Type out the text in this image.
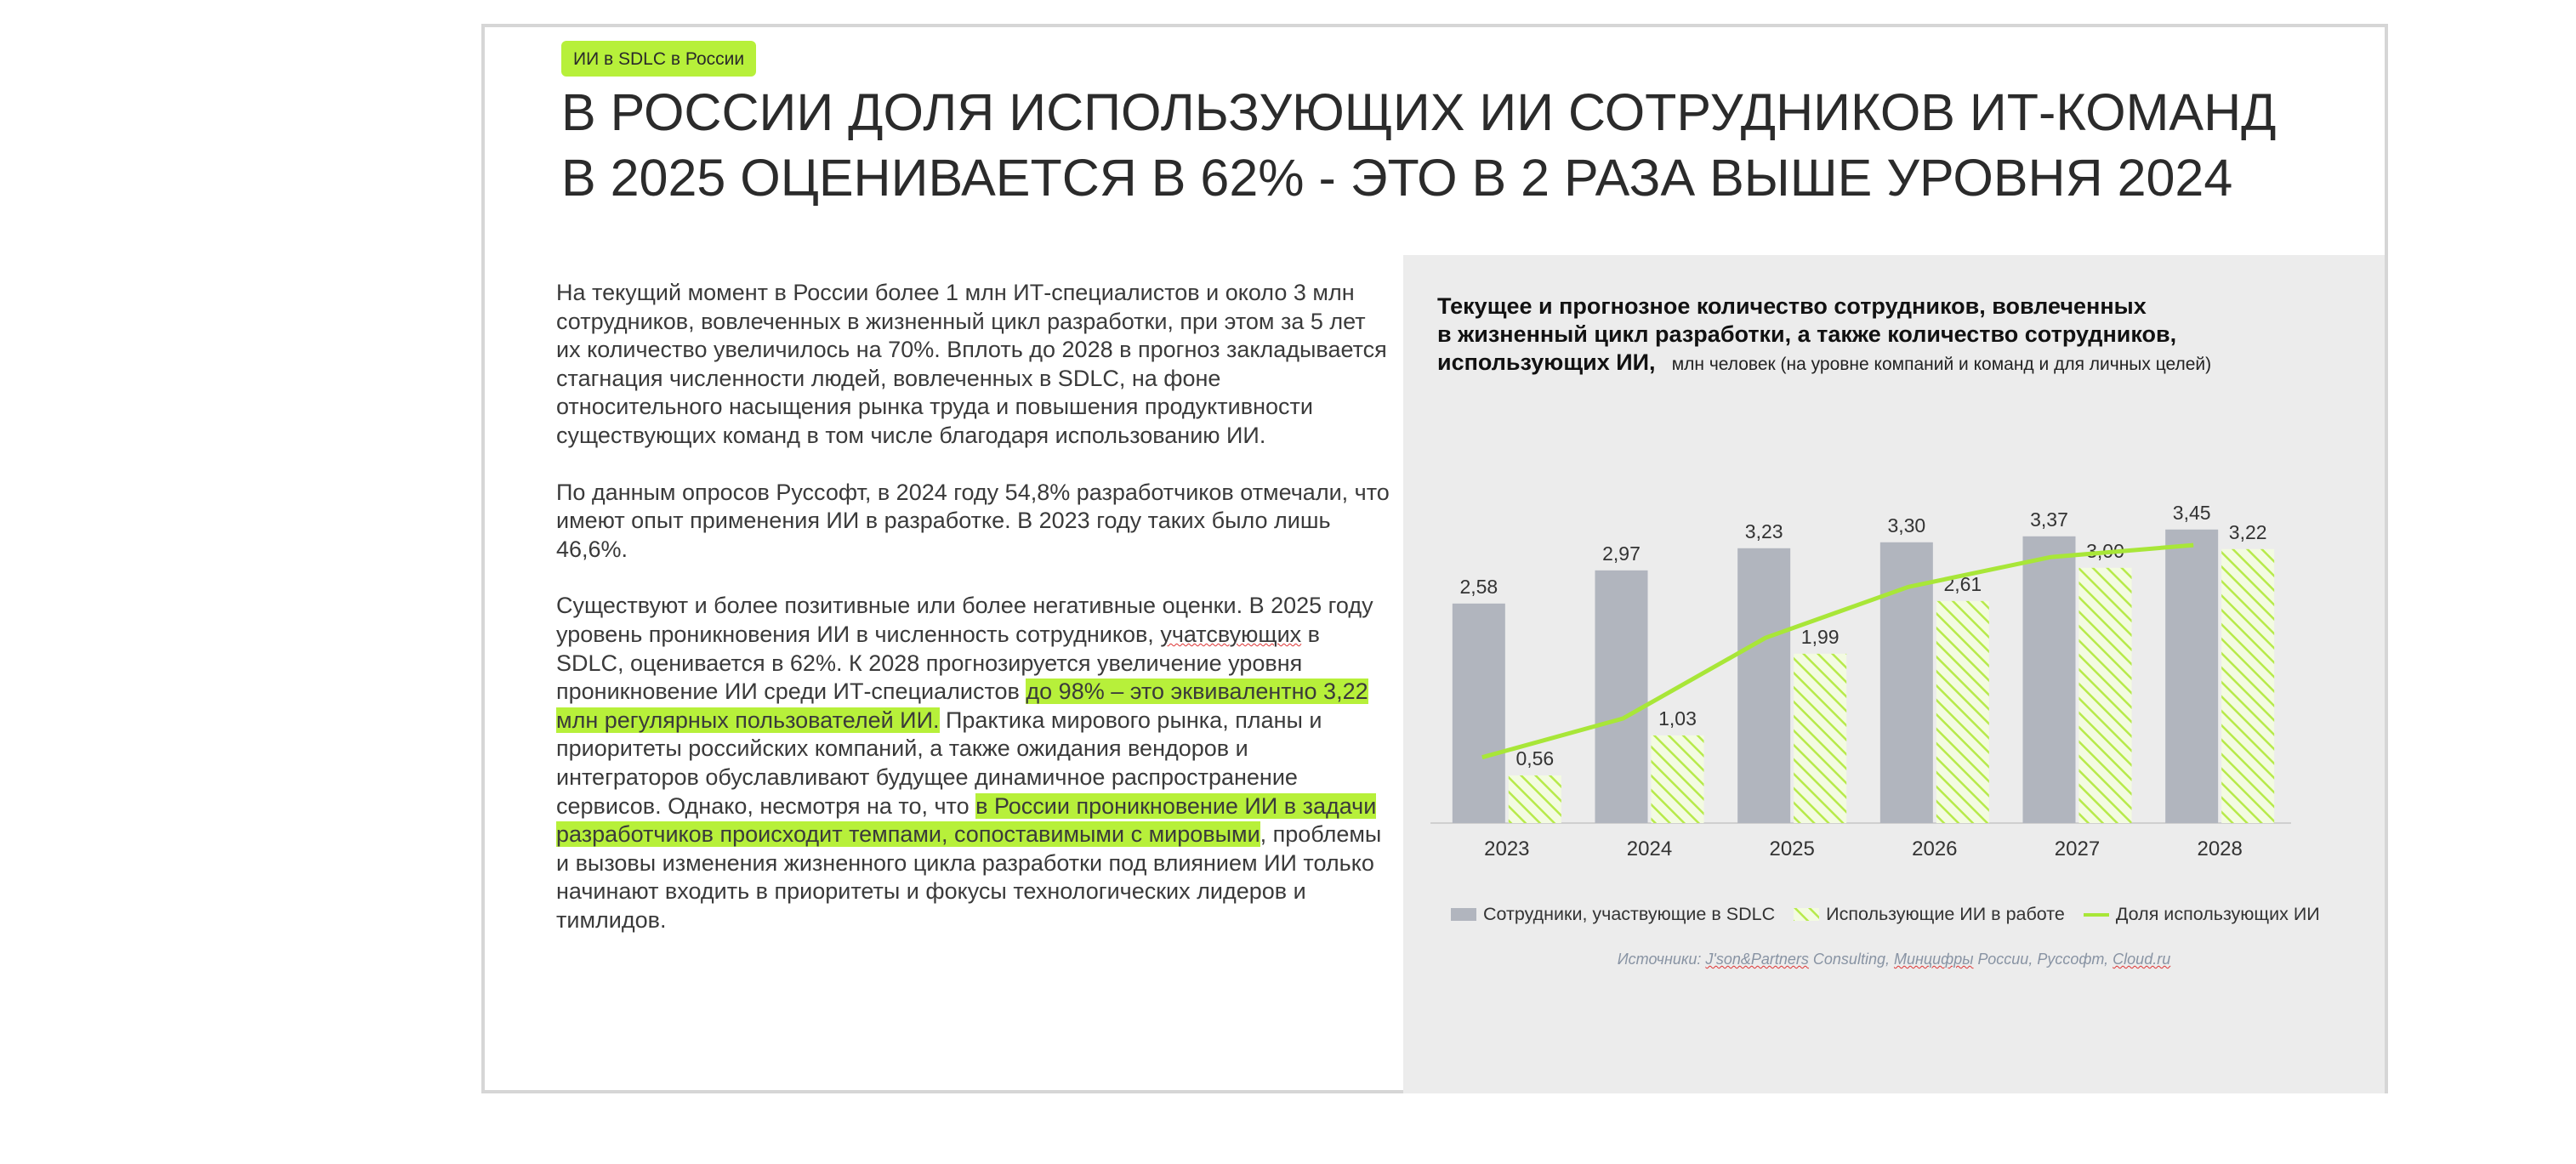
ИИ в SDLC в России
В РОССИИ ДОЛЯ ИСПОЛЬЗУЮЩИХ ИИ СОТРУДНИКОВ ИТ-КОМАНД
В 2025 ОЦЕНИВАЕТСЯ В 62% - ЭТО В 2 РАЗА ВЫШЕ УРОВНЯ 2024

На текущий момент в России более 1 млн ИТ-специалистов и около 3 млн сотрудников, вовлеченных в жизненный цикл разработки, при этом за 5 лет их количество увеличилось на 70%. Вплоть до 2028 в прогноз закладывается стагнация численности людей, вовлеченных в SDLC, на фоне относительного насыщения рынка труда и повышения продуктивности существующих команд в том числе благодаря использованию ИИ.

По данным опросов Руссофт, в 2024 году 54,8% разработчиков отмечали, что имеют опыт применения ИИ в разработке. В 2023 году таких было лишь 46,6%.

Существуют и более позитивные или более негативные оценки. В 2025 году уровень проникновения ИИ в численность сотрудников, учатсвующих в SDLC, оценивается в 62%. К 2028 прогнозируется увеличение уровня проникновение ИИ среди ИТ-специалистов до 98% – это эквивалентно 3,22 млн регулярных пользователей ИИ. Практика мирового рынка, планы и приоритеты российских компаний, а также ожидания вендоров и интеграторов обуславливают будущее динамичное распространение сервисов. Однако, несмотря на то, что в России проникновение ИИ в задачи разработчиков происходит темпами, сопоставимыми с мировыми, проблемы и вызовы изменения жизненного цикла разработки под влиянием ИИ только начинают входить в приоритеты и фокусы технологических лидеров и тимлидов.

Текущее и прогнозное количество сотрудников, вовлеченных
в жизненный цикл разработки, а также количество сотрудников,
использующих ИИ, млн человек (на уровне компаний и команд и для личных целей)
2,58
0,56
2023
2,97
1,03
2024
3,23
1,99
2025
3,30
2,61
2026
3,37
3,00
2027
3,45
3,22
2028
Сотрудники, участвующие в SDLC	Использующие ИИ в работе	Доля использующих ИИ
Источники: J'son&Partners Consulting, Минцифры России, Руссофт, Cloud.ru
